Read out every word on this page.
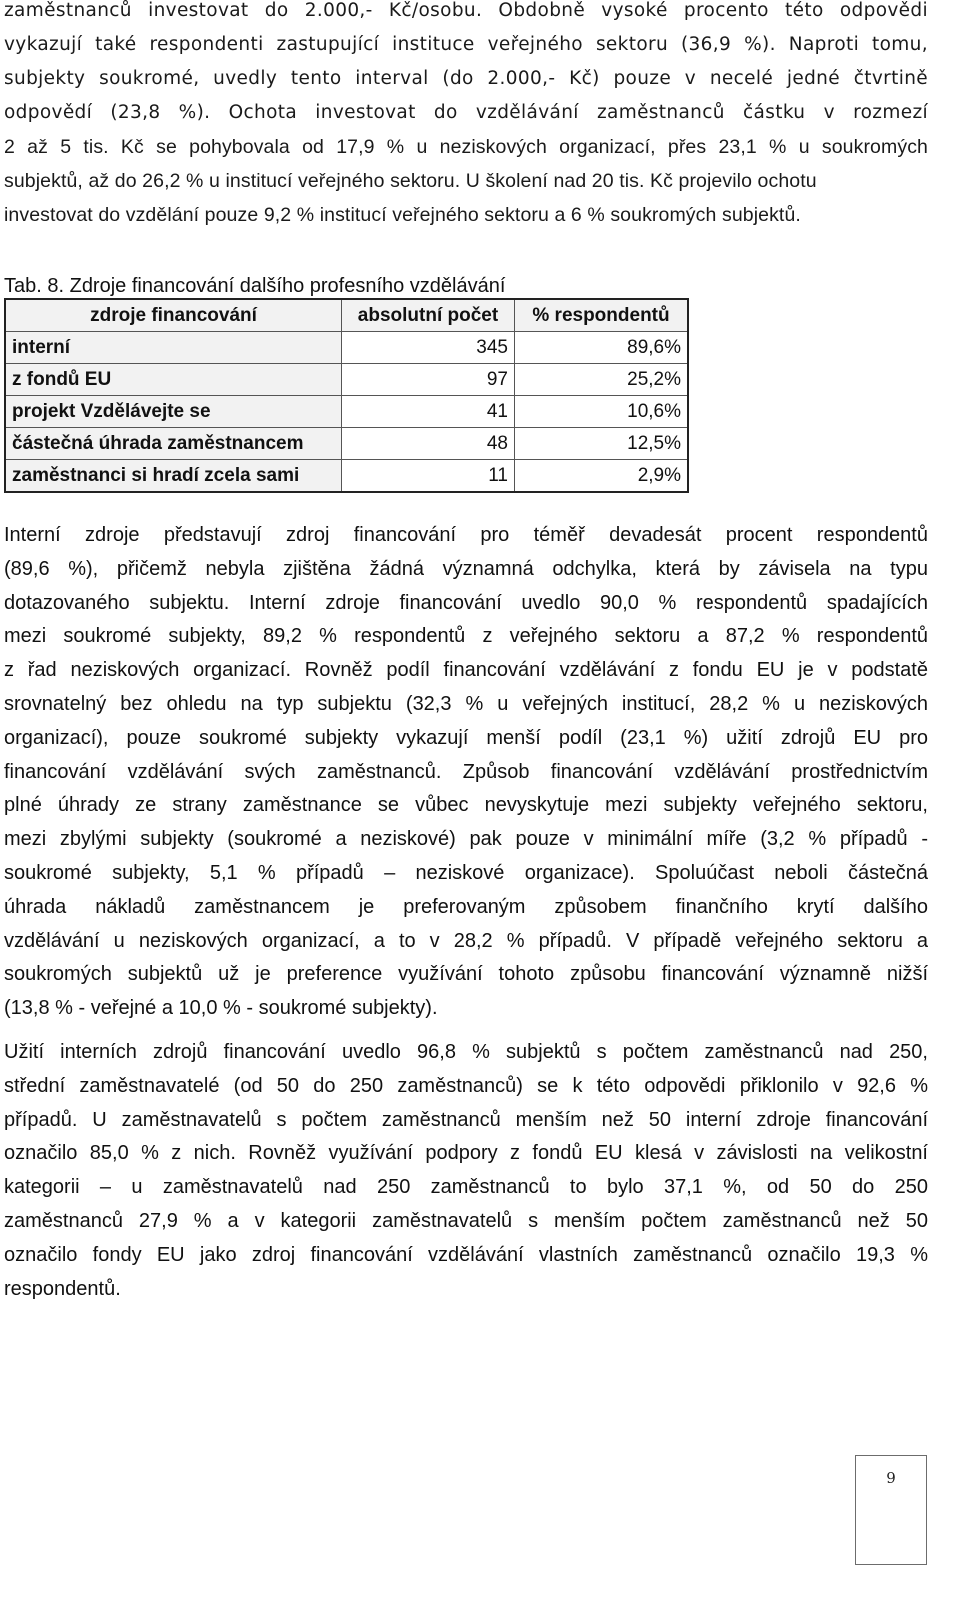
zaměstnanců investovat do 2.000,- Kč/osobu. Obdobně vysoké procento této odpovědi
vykazují také respondenti zastupující instituce veřejného sektoru (36,9 %). Naproti tomu,
subjekty soukromé, uvedly tento interval (do 2.000,- Kč) pouze v necelé jedné čtvrtině
odpovědí (23,8 %). Ochota investovat do vzdělávání zaměstnanců částku v rozmezí
2 až 5 tis. Kč se pohybovala od 17,9 % u neziskových organizací, přes 23,1 % u soukromých
subjektů, až do 26,2 % u institucí veřejného sektoru. U školení nad 20 tis. Kč projevilo ochotu
investovat do vzdělání pouze 9,2 % institucí veřejného sektoru a 6 % soukromých subjektů.
Tab. 8. Zdroje financování dalšího profesního vzdělávání
zdroje financování	absolutní počet	% respondentů
interní	345	89,6%
z fondů EU	97	25,2%
projekt Vzdělávejte se	41	10,6%
částečná úhrada zaměstnancem	48	12,5%
zaměstnanci si hradí zcela sami	11	2,9%
Interní zdroje představují zdroj financování pro téměř devadesát procent respondentů
(89,6 %), přičemž nebyla zjištěna žádná významná odchylka, která by závisela na typu
dotazovaného subjektu. Interní zdroje financování uvedlo 90,0 % respondentů spadajících
mezi soukromé subjekty, 89,2 % respondentů z veřejného sektoru a 87,2 % respondentů
z řad neziskových organizací. Rovněž podíl financování vzdělávání z fondu EU je v podstatě
srovnatelný bez ohledu na typ subjektu (32,3 % u veřejných institucí, 28,2 % u neziskových
organizací), pouze soukromé subjekty vykazují menší podíl (23,1 %) užití zdrojů EU pro
financování vzdělávání svých zaměstnanců. Způsob financování vzdělávání prostřednictvím
plné úhrady ze strany zaměstnance se vůbec nevyskytuje mezi subjekty veřejného sektoru,
mezi zbylými subjekty (soukromé a neziskové) pak pouze v minimální míře (3,2 % případů -
soukromé subjekty, 5,1 % případů – neziskové organizace). Spoluúčast neboli částečná
úhrada nákladů zaměstnancem je preferovaným způsobem finančního krytí dalšího
vzdělávání u neziskových organizací, a to v 28,2 % případů. V případě veřejného sektoru a
soukromých subjektů už je preference využívání tohoto způsobu financování významně nižší
(13,8 % - veřejné a 10,0 % - soukromé subjekty).
Užití interních zdrojů financování uvedlo 96,8 % subjektů s počtem zaměstnanců nad 250,
střední zaměstnavatelé (od 50 do 250 zaměstnanců) se k této odpovědi přiklonilo v 92,6 %
případů. U zaměstnavatelů s počtem zaměstnanců menším než 50 interní zdroje financování
označilo 85,0 % z nich. Rovněž využívání podpory z fondů EU klesá v závislosti na velikostní
kategorii – u zaměstnavatelů nad 250 zaměstnanců to bylo 37,1 %, od 50 do 250
zaměstnanců 27,9 % a v kategorii zaměstnavatelů s menším počtem zaměstnanců než 50
označilo fondy EU jako zdroj financování vzdělávání vlastních zaměstnanců označilo 19,3 %
respondentů.
9
